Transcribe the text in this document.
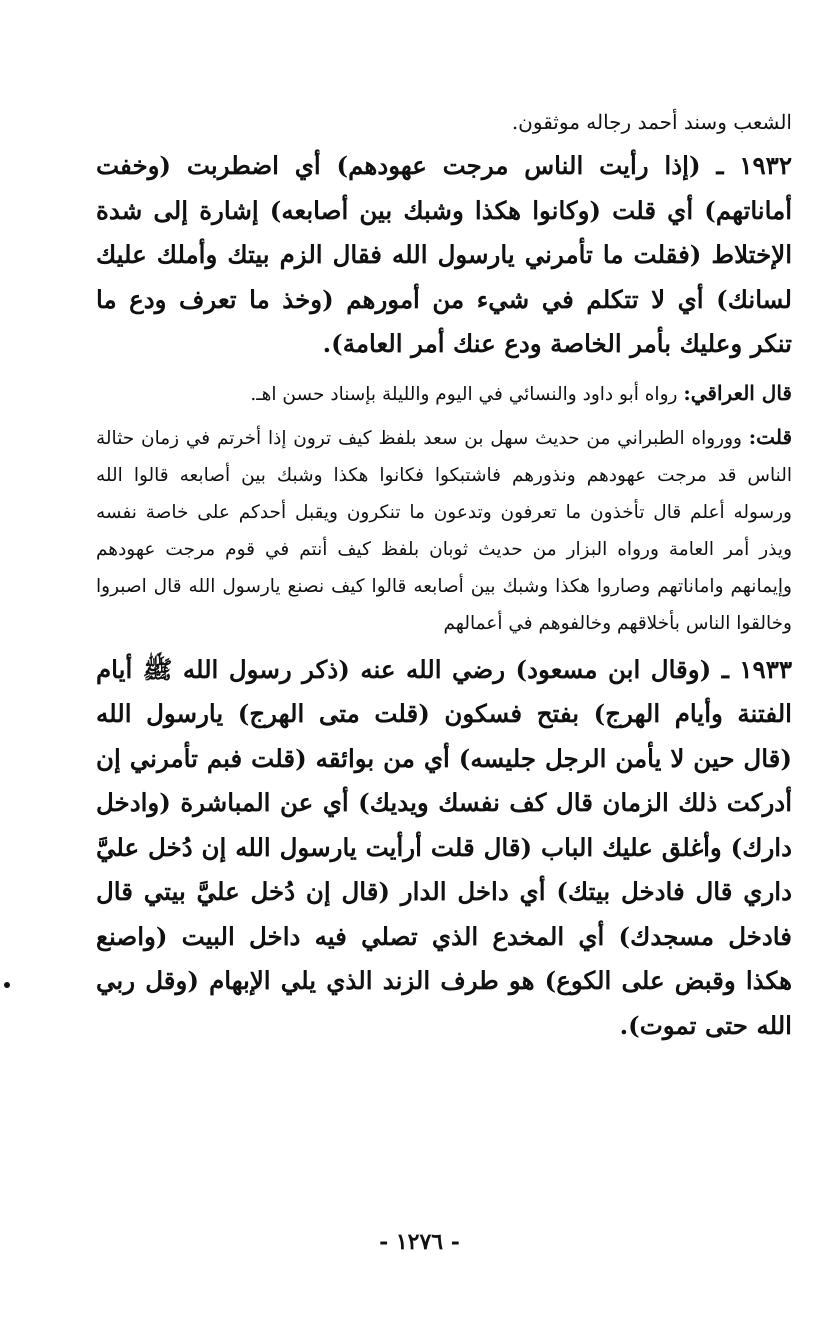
الشعب وسند أحمد رجاله موثقون.

١٩٣٢ ـ (إذا رأيت الناس مرجت عهودهم) أي اضطربت (وخفت أماناتهم) أي قلت (وكانوا هكذا وشبك بين أصابعه) إشارة إلى شدة الإختلاط (فقلت ما تأمرني يارسول الله فقال الزم بيتك وأملك عليك لسانك) أي لا تتكلم في شيء من أمورهم (وخذ ما تعرف ودع ما تنكر وعليك بأمر الخاصة ودع عنك أمر العامة).

قال العراقي: رواه أبو داود والنسائي في اليوم والليلة بإسناد حسن اهـ.

قلت: وورواه الطبراني من حديث سهل بن سعد بلفظ كيف ترون إذا أخرتم في زمان حثالة الناس قد مرجت عهودهم ونذورهم فاشتبكوا فكانوا هكذا وشبك بين أصابعه قالوا الله ورسوله أعلم قال تأخذون ما تعرفون وتدعون ما تنكرون ويقبل أحدكم على خاصة نفسه ويذر أمر العامة ورواه البزار من حديث ثوبان بلفظ كيف أنتم في قوم مرجت عهودهم وإيمانهم واماناتهم وصاروا هكذا وشبك بين أصابعه قالوا كيف نصنع يارسول الله قال اصبروا وخالقوا الناس بأخلاقهم وخالفوهم في أعمالهم

١٩٣٣ ـ (وقال ابن مسعود) رضي الله عنه (ذكر رسول الله ﷺ أيام الفتنة وأيام الهرج) بفتح فسكون (قلت متى الهرج) يارسول الله (قال حين لا يأمن الرجل جليسه) أي من بوائقه (قلت فبم تأمرني إن أدركت ذلك الزمان قال كف نفسك ويديك) أي عن المباشرة (وادخل دارك) وأغلق عليك الباب (قال قلت أرأيت يارسول الله إن دُخل عليَّ داري قال فادخل بيتك) أي داخل الدار (قال إن دُخل عليَّ بيتي قال فادخل مسجدك) أي المخدع الذي تصلي فيه داخل البيت (واصنع هكذا وقبض على الكوع) هو طرف الزند الذي يلي الإبهام (وقل ربي الله حتى تموت).

- ١٢٧٦ -
